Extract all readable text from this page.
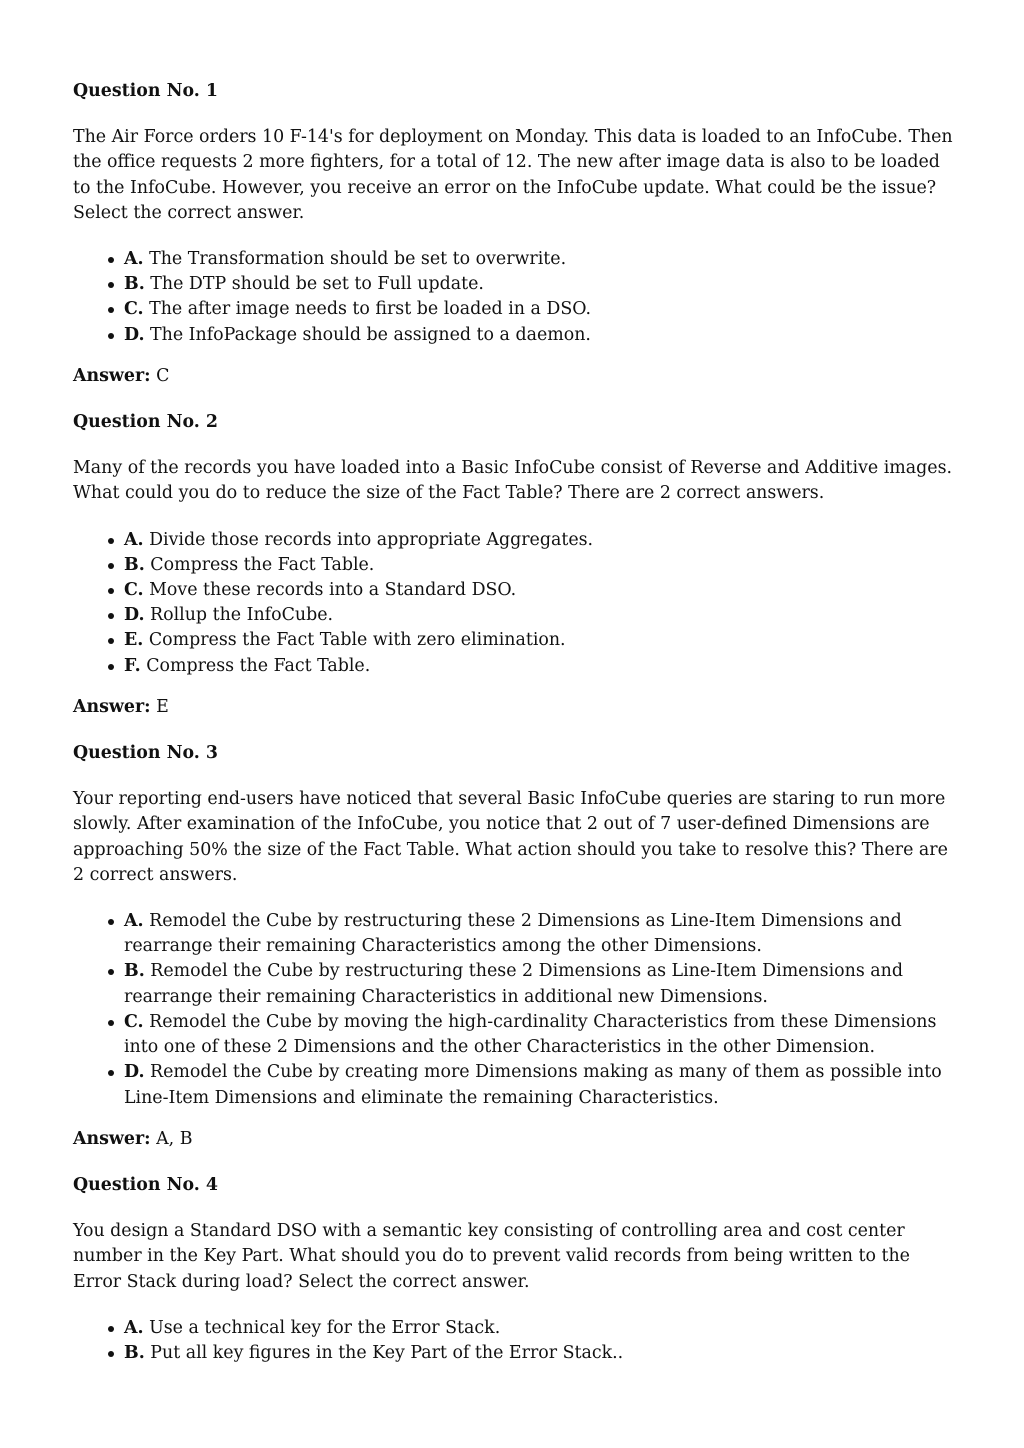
Question No. 1
The Air Force orders 10 F-14's for deployment on Monday. This data is loaded to an InfoCube. Then the office requests 2 more fighters, for a total of 12. The new after image data is also to be loaded to the InfoCube. However, you receive an error on the InfoCube update. What could be the issue? Select the correct answer.
A. The Transformation should be set to overwrite.
B. The DTP should be set to Full update.
C. The after image needs to first be loaded in a DSO.
D. The InfoPackage should be assigned to a daemon.
Answer: C
Question No. 2
Many of the records you have loaded into a Basic InfoCube consist of Reverse and Additive images. What could you do to reduce the size of the Fact Table? There are 2 correct answers.
A. Divide those records into appropriate Aggregates.
B. Compress the Fact Table.
C. Move these records into a Standard DSO.
D. Rollup the InfoCube.
E. Compress the Fact Table with zero elimination.
F. Compress the Fact Table.
Answer: E
Question No. 3
Your reporting end-users have noticed that several Basic InfoCube queries are staring to run more slowly. After examination of the InfoCube, you notice that 2 out of 7 user-defined Dimensions are approaching 50% the size of the Fact Table. What action should you take to resolve this? There are 2 correct answers.
A. Remodel the Cube by restructuring these 2 Dimensions as Line-Item Dimensions and rearrange their remaining Characteristics among the other Dimensions.
B. Remodel the Cube by restructuring these 2 Dimensions as Line-Item Dimensions and rearrange their remaining Characteristics in additional new Dimensions.
C. Remodel the Cube by moving the high-cardinality Characteristics from these Dimensions into one of these 2 Dimensions and the other Characteristics in the other Dimension.
D. Remodel the Cube by creating more Dimensions making as many of them as possible into Line-Item Dimensions and eliminate the remaining Characteristics.
Answer: A, B
Question No. 4
You design a Standard DSO with a semantic key consisting of controlling area and cost center number in the Key Part. What should you do to prevent valid records from being written to the Error Stack during load? Select the correct answer.
A. Use a technical key for the Error Stack.
B. Put all key figures in the Key Part of the Error Stack..
